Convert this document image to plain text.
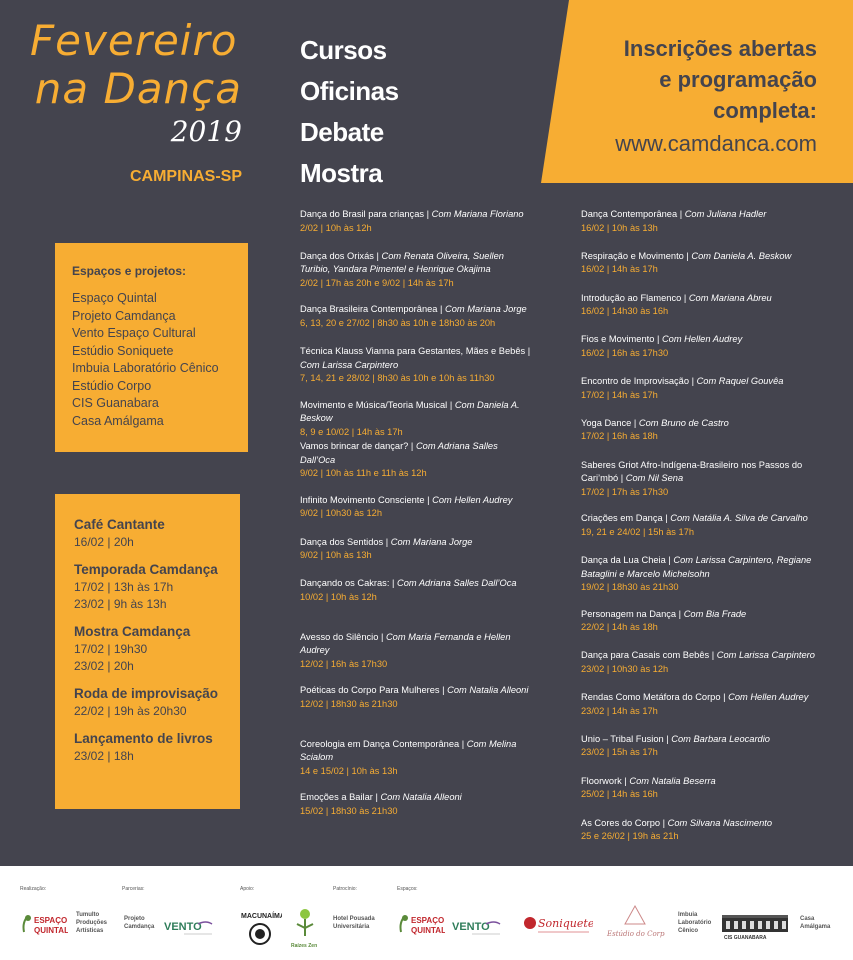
Fevereiro
na Dança
2019
CAMPINAS-SP
Cursos
Oficinas
Debate
Mostra
Inscrições abertas
e programação
completa:
www.camdanca.com
Espaços e projetos:
Espaço Quintal
Projeto Camdança
Vento Espaço Cultural
Estúdio Soniquete
Imbuia Laboratório Cênico
Estúdio Corpo
CIS Guanabara
Casa Amálgama
Café Cantante
16/02 | 20h
Temporada Camdança
17/02 | 13h às 17h
23/02 | 9h às 13h
Mostra Camdança
17/02 | 19h30
23/02 | 20h
Roda de improvisação
22/02 | 19h às 20h30
Lançamento de livros
23/02 | 18h
Dança do Brasil para crianças | Com Mariana Floriano
2/02 | 10h às 12h
Dança dos Orixás | Com Renata Oliveira, Suellen Turibio, Yandara Pimentel e Henrique Okajima
2/02 | 17h às 20h e 9/02 | 14h às 17h
Dança Brasileira Contemporânea | Com Mariana Jorge
6, 13, 20 e 27/02 | 8h30 às 10h e 18h30 às 20h
Técnica Klauss Vianna para Gestantes, Mães e Bebês | Com Larissa Carpintero
7, 14, 21 e 28/02 | 8h30 às 10h e 10h às 11h30
Movimento e Música/Teoria Musical | Com Daniela A. Beskow
8, 9 e 10/02 | 14h às 17h
Vamos brincar de dançar? | Com Adriana Salles Dall’Oca
9/02 | 10h às 11h e 11h às 12h
Infinito Movimento Consciente | Com Hellen Audrey
9/02 | 10h30 às 12h
Dança dos Sentidos | Com Mariana Jorge
9/02 | 10h às 13h
Dançando os Cakras: | Com Adriana Salles Dall’Oca
10/02 | 10h às 12h
Avesso do Silêncio | Com Maria Fernanda e Hellen Audrey
12/02 | 16h às 17h30
Poéticas do Corpo Para Mulheres | Com Natalia Alleoni
12/02 | 18h30 às 21h30
Coreologia em Dança Contemporânea | Com Melina Scialom
14 e 15/02 | 10h às 13h
Emoções a Bailar | Com Natalia Alleoni
15/02 | 18h30 às 21h30
Dança Contemporânea | Com Juliana Hadler
16/02 | 10h às 13h
Respiração e Movimento | Com Daniela A. Beskow
16/02 | 14h às 17h
Introdução ao Flamenco | Com Mariana Abreu
16/02 | 14h30 às 16h
Fios e Movimento | Com Hellen Audrey
16/02 | 16h às 17h30
Encontro de Improvisação | Com Raquel Gouvêa
17/02 | 14h às 17h
Yoga Dance | Com Bruno de Castro
17/02 | 16h às 18h
Saberes Griot Afro-Indígena-Brasileiro nos Passos do Cari’mbó | Com Nil Sena
17/02 | 17h às 17h30
Criações em Dança | Com Natália A. Silva de Carvalho
19, 21 e 24/02 | 15h às 17h
Dança da Lua Cheia | Com Larissa Carpintero, Regiane Bataglini e Marcelo Michelsohn
19/02 | 18h30 às 21h30
Personagem na Dança | Com Bia Frade
22/02 | 14h às 18h
Dança para Casais com Bebês | Com Larissa Carpintero
23/02 | 10h30 às 12h
Rendas Como Metáfora do Corpo | Com Hellen Audrey
23/02 | 14h às 17h
Unio – Tribal Fusion | Com Barbara Leocardio
23/02 | 15h às 17h
Floorwork | Com Natalia Beserra
25/02 | 14h às 16h
As Cores do Corpo | Com Silvana Nascimento
25 e 26/02 | 19h às 21h
Realização:	Parcerias:	Apoio:	Patrocínio:	Espaços:
ESPAÇO
QUINTAL
Tumulto
Produções
Artísticas
Projeto
Camdança VENTO
MACUNAÍMA
Raízes Zen
Hotel Pousada
Universitária
ESPAÇO
QUINTAL VENTO	Soniquete
Estúdio do Corpo
Imbuia
Laboratório
Cênico
CIS GUANABARA
Casa
Amálgama
